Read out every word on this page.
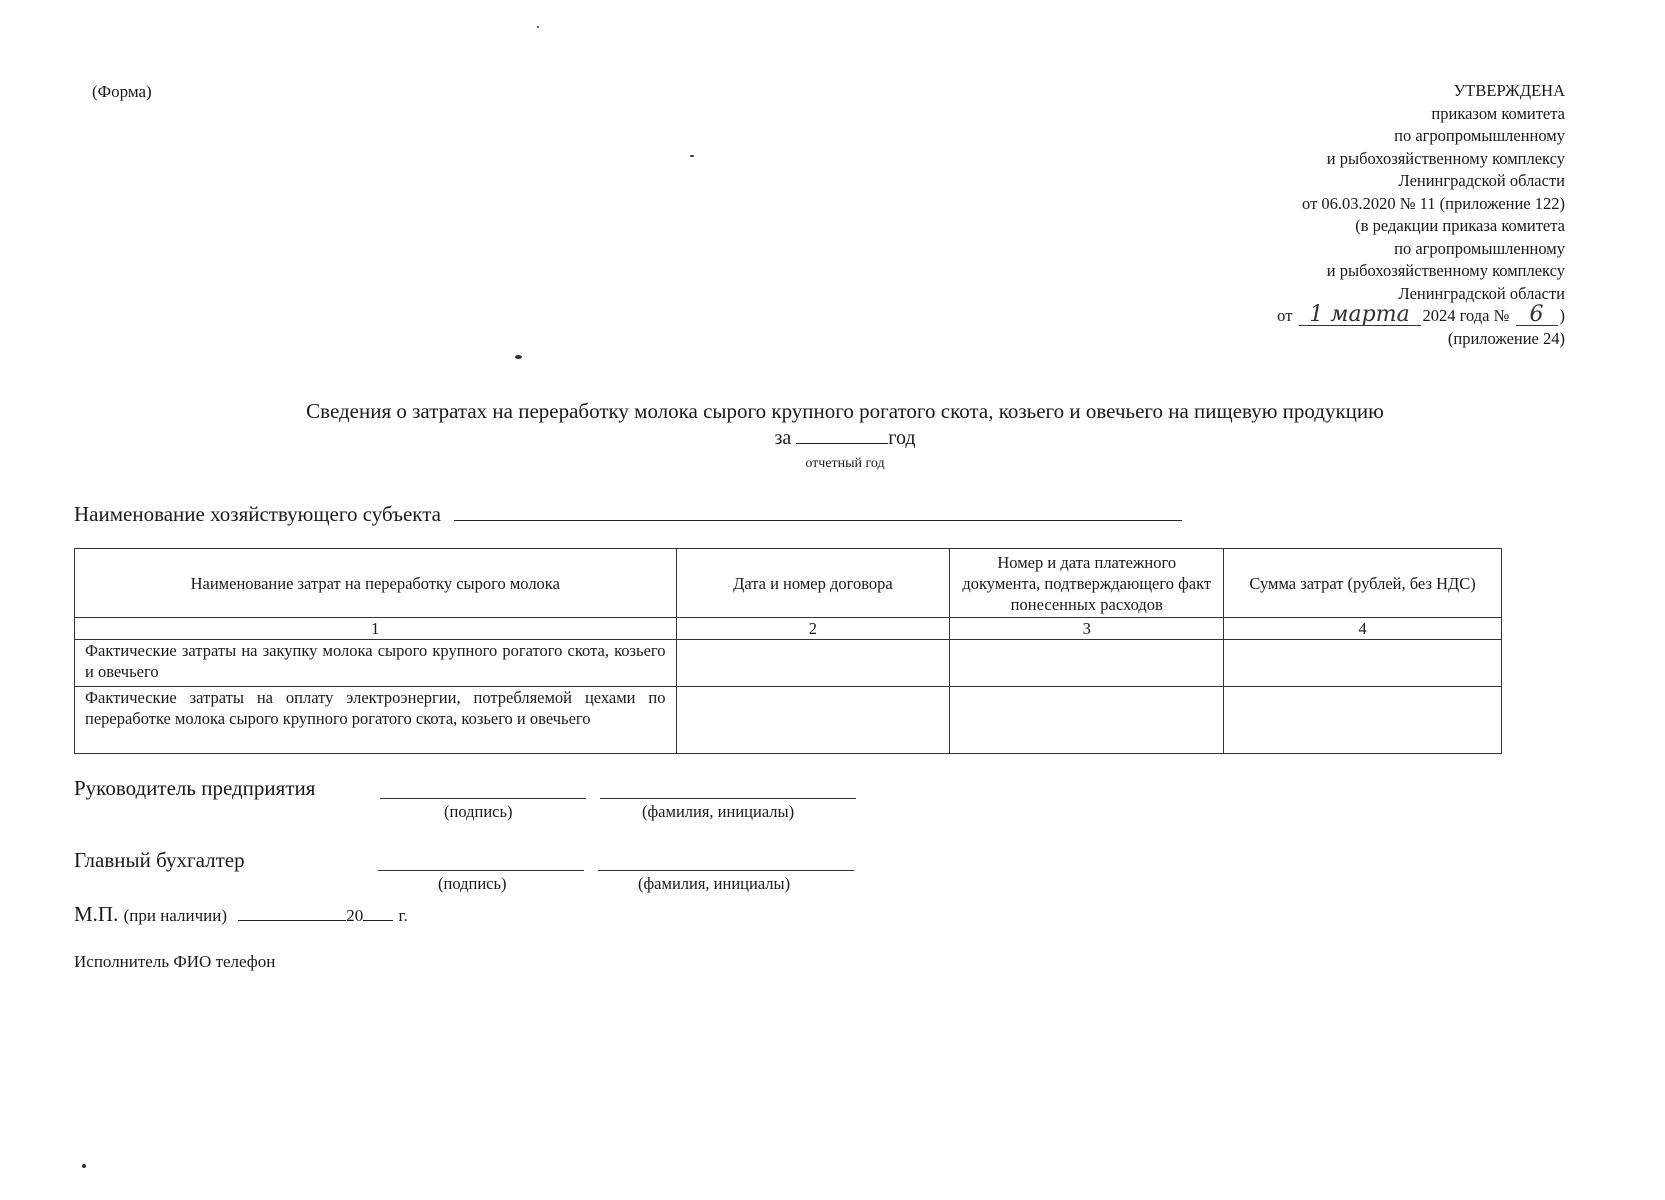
(Форма)	УТВЕРЖДЕНА
приказом комитета
по агропромышленному
и рыбохозяйственному комплексу
Ленинградской области
от 06.03.2020 № 11 (приложение 122)
(в редакции приказа комитета
по агропромышленному
и рыбохозяйственному комплексу
Ленинградской области
от 1 марта 2024 года № 6 )
(приложение 24)
Сведения о затратах на переработку молока сырого крупного рогатого скота, козьего и овечьего на пищевую продукцию
за	год
отчетный год
Наименование хозяйствующего субъекта
Наименование затрат на переработку сырого молока	Дата и номер договора	Номер и дата платежного документа, подтверждающего факт понесенных расходов	Сумма затрат (рублей, без НДС)
1	2	3	4
Фактические затраты на закупку молока сырого крупного рогатого скота, козьего и овечьего			
Фактические затраты на оплату электроэнергии, потребляемой цехами по переработке молока сырого крупного рогатого скота, козьего и овечьего			
Руководитель предприятия
(подпись)	(фамилия, инициалы)
Главный бухгалтер
(подпись)	(фамилия, инициалы)
М.П. (при наличии)	20 г.
Исполнитель ФИО телефон
